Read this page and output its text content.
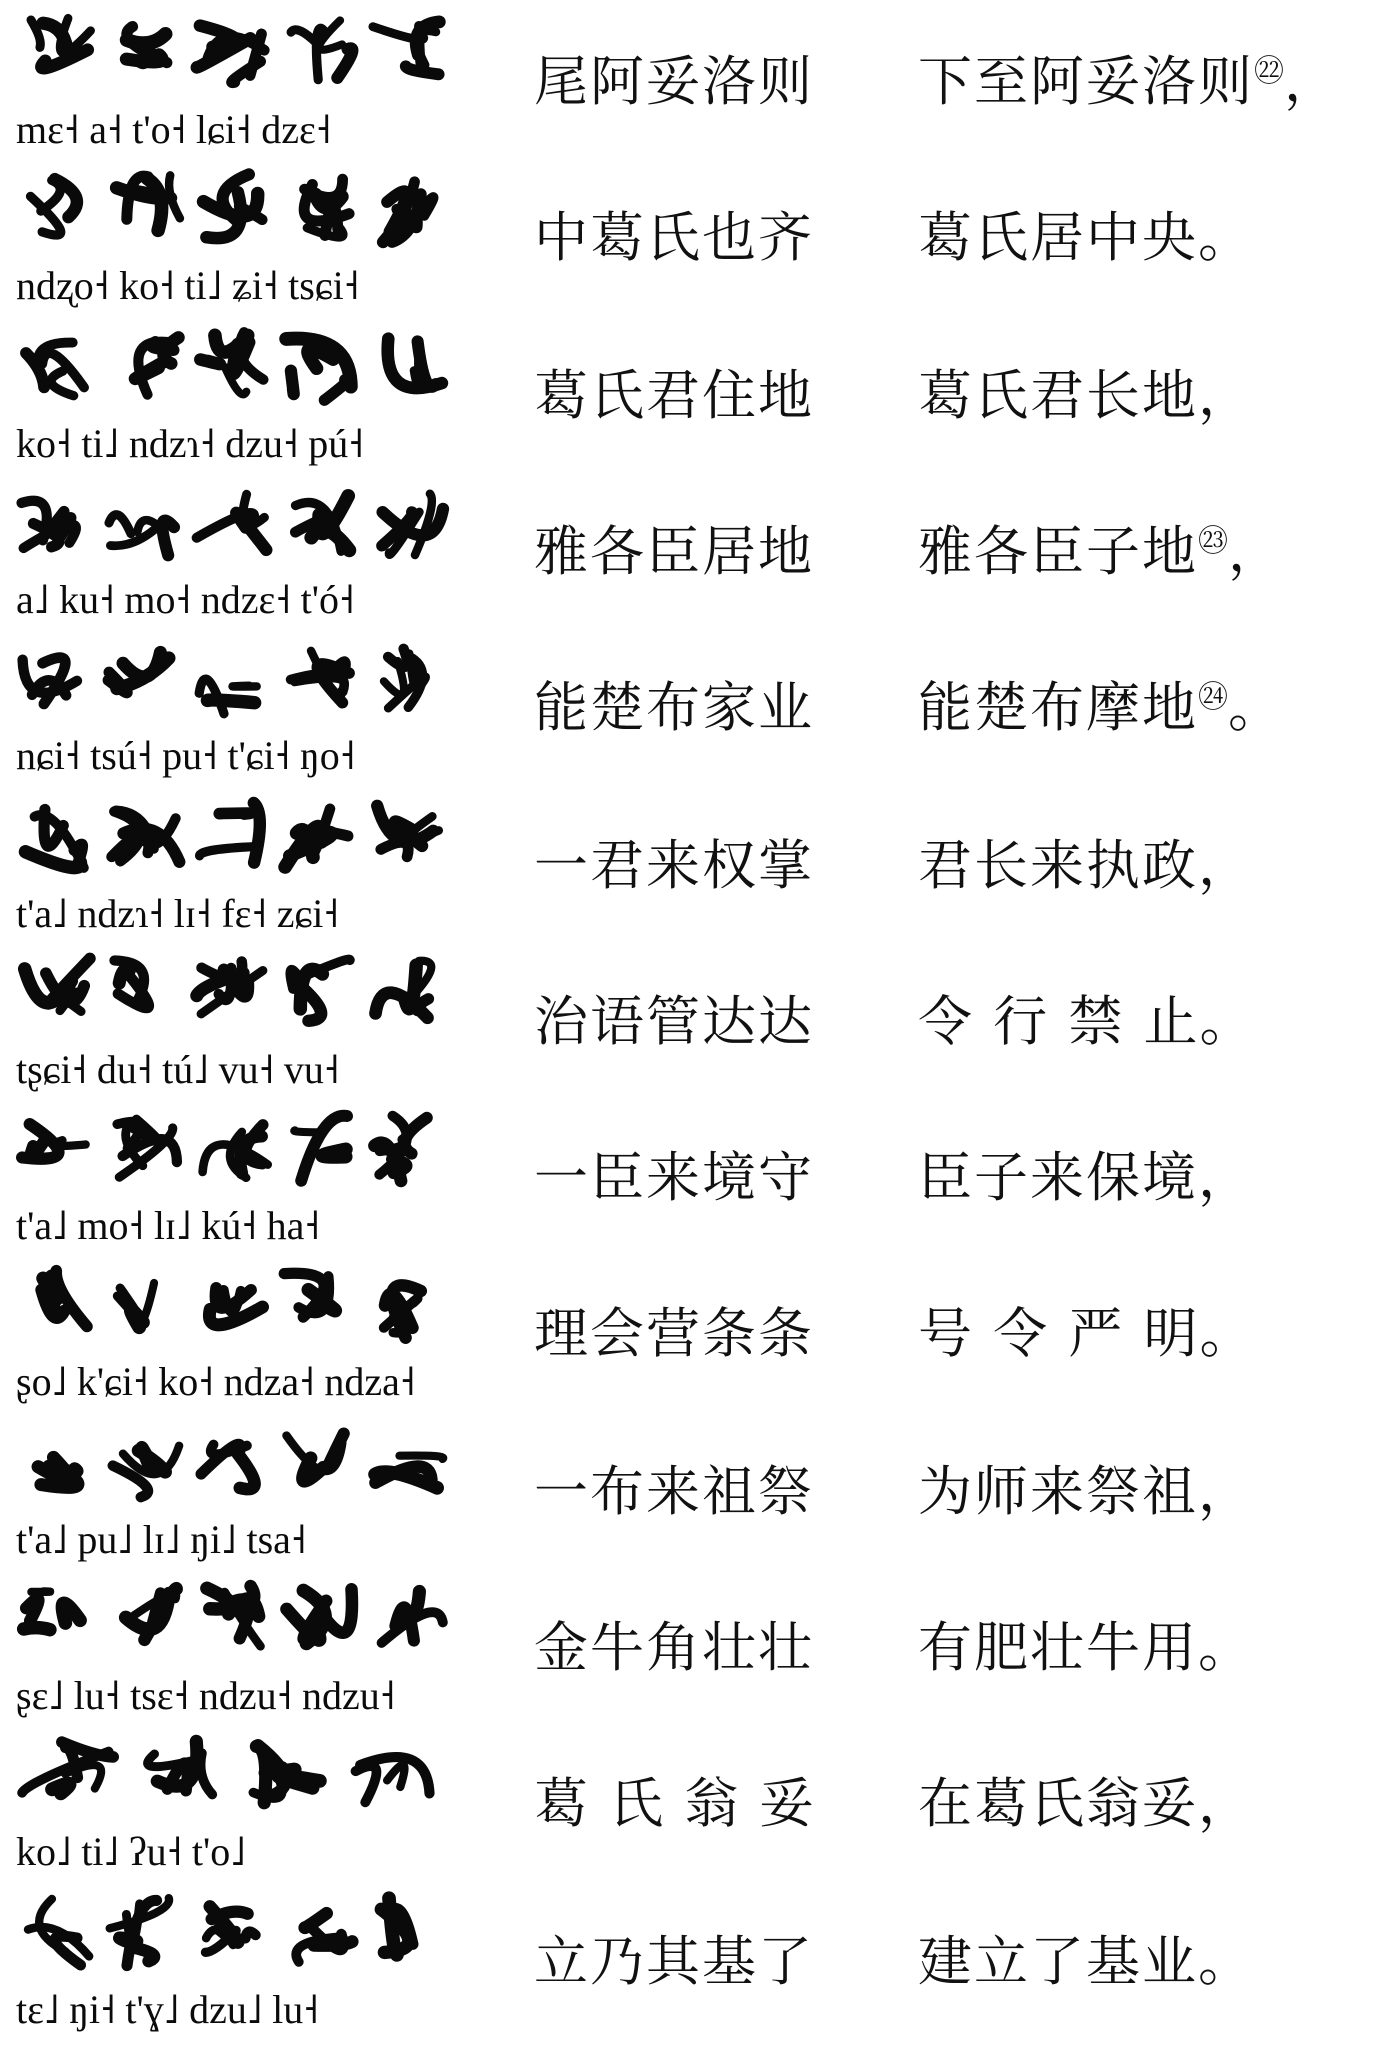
mɛ˧ a˧ t'o˧ lɕi˧ dzɛ˧
尾阿妥洛则 下至阿妥洛则$^㉒$，
ndʐo˧ ko˧ ti˩ ʑi˧ tsɕi˧
中葛氏也齐 葛氏居中央。
ko˧ ti˩ ndzɿ˧ dzu˧ pú˧
葛氏君住地 葛氏君长地，
a˩ ku˧ mo˧ ndzɛ˧ t'ó˧
雅各臣居地 雅各臣子地$^㉓$，
nɕi˧ tsú˧ pu˧ t'ɕi˧ ŋo˧
能楚布家业 能楚布摩地$^㉔$。
t'a˩ ndzɿ˧ lɪ˧ fɛ˧ zɕi˧
一君来权掌 君长来执政，
tʂɕi˧ du˧ tú˩ vu˧ vu˧
治语管达达 令 行 禁 止。
t'a˩ mo˧ lɪ˩ kú˧ ha˧
一臣来境守 臣子来保境，
ʂo˩ k'ɕi˧ ko˧ ndza˧ ndza˧
理会营条条 号 令 严 明。
t'a˩ pu˩ lɪ˩ ŋi˩ tsa˧
一布来祖祭 为师来祭祖，
ʂɛ˩ lu˧ tsɛ˧ ndzu˧ ndzu˧
金牛角壮壮 有肥壮牛用。
ko˩ ti˩ ʔu˧ t'o˩
葛 氏 翁 妥 在葛氏翁妥，
tɛ˩ ŋi˧ t'ɣ˩ dzu˩ lu˧
立乃其基了 建立了基业。
